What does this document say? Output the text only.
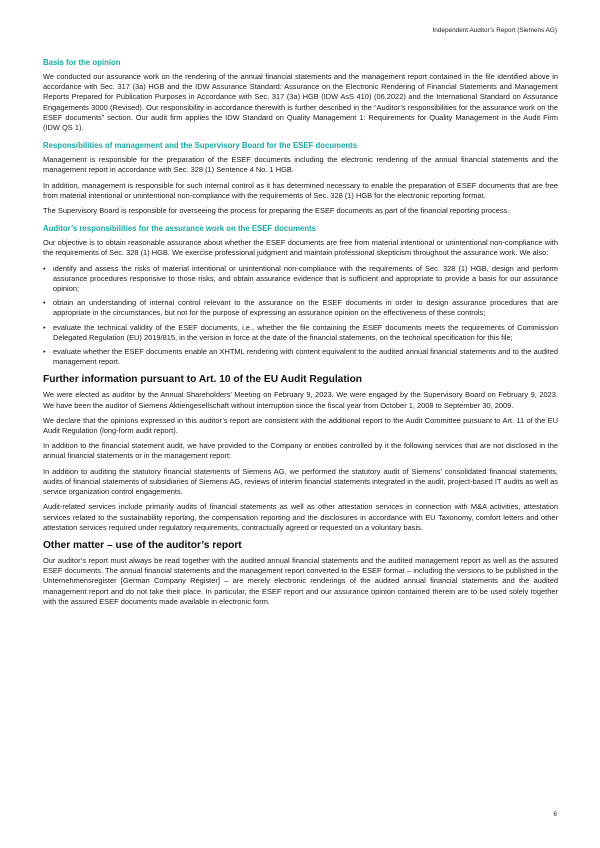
Independent Auditor’s Report (Siemens AG)
Basis for the opinion

We conducted our assurance work on the rendering of the annual financial statements and the management report contained in the file identified above in accordance with Sec. 317 (3a) HGB and the IDW Assurance Standard: Assurance on the Electronic Rendering of Financial Statements and Management Reports Prepared for Publication Purposes in Accordance with Sec. 317 (3a) HGB (IDW AsS 410) (06.2022) and the International Standard on Assurance Engagements 3000 (Revised). Our responsibility in accordance therewith is further described in the “Auditor’s responsibilities for the assurance work on the ESEF documents” section. Our audit firm applies the IDW Standard on Quality Management 1: Requirements for Quality Management in the Audit Firm (IDW QS 1).

Responsibilities of management and the Supervisory Board for the ESEF documents

Management is responsible for the preparation of the ESEF documents including the electronic rendering of the annual financial statements and the management report in accordance with Sec. 328 (1) Sentence 4 No. 1 HGB.

In addition, management is responsible for such internal control as it has determined necessary to enable the preparation of ESEF documents that are free from material intentional or unintentional non-compliance with the requirements of Sec. 328 (1) HGB for the electronic reporting format.

The Supervisory Board is responsible for overseeing the process for preparing the ESEF documents as part of the financial reporting process.

Auditor’s responsibilities for the assurance work on the ESEF documents

Our objective is to obtain reasonable assurance about whether the ESEF documents are free from material intentional or unintentional non-compliance with the requirements of Sec. 328 (1) HGB. We exercise professional judgment and maintain professional skepticism throughout the assurance work. We also:

• identify and assess the risks of material intentional or unintentional non-compliance with the requirements of Sec. 328 (1) HGB, design and perform assurance procedures responsive to those risks, and obtain assurance evidence that is sufficient and appropriate to provide a basis for our assurance opinion;
• obtain an understanding of internal control relevant to the assurance on the ESEF documents in order to design assurance procedures that are appropriate in the circumstances, but not for the purpose of expressing an assurance opinion on the effectiveness of these controls;
• evaluate the technical validity of the ESEF documents, i.e., whether the file containing the ESEF documents meets the requirements of Commission Delegated Regulation (EU) 2019/815, in the version in force at the date of the financial statements, on the technical specification for this file;
• evaluate whether the ESEF documents enable an XHTML rendering with content equivalent to the audited annual financial statements and to the audited management report.
Further information pursuant to Art. 10 of the EU Audit Regulation

We were elected as auditor by the Annual Shareholders’ Meeting on February 9, 2023. We were engaged by the Supervisory Board on February 9, 2023. We have been the auditor of Siemens Aktiengesellschaft without interruption since the fiscal year from October 1, 2008 to September 30, 2009.

We declare that the opinions expressed in this auditor’s report are consistent with the additional report to the Audit Committee pursuant to Art. 11 of the EU Audit Regulation (long-form audit report).

In addition to the financial statement audit, we have provided to the Company or entities controlled by it the following services that are not disclosed in the annual financial statements or in the management report:

In addition to auditing the statutory financial statements of Siemens AG, we performed the statutory audit of Siemens’ consolidated financial statements, audits of financial statements of subsidiaries of Siemens AG, reviews of interim financial statements integrated in the audit, project-based IT audits as well as service organization control engagements.

Audit-related services include primarily audits of financial statements as well as other attestation services in connection with M&A activities, attestation services related to the sustainability reporting, the compensation reporting and the disclosures in accordance with EU Taxonomy, comfort letters and other attestation services required under regulatory requirements, contractually agreed or requested on a voluntary basis.

Other matter – use of the auditor’s report

Our auditor’s report must always be read together with the audited annual financial statements and the audited management report as well as the assured ESEF documents. The annual financial statements and the management report converted to the ESEF format – including the versions to be published in the Unternehmensregister [German Company Register] – are merely electronic renderings of the audited annual financial statements and the audited management report and do not take their place. In particular, the ESEF report and our assurance opinion contained therein are to be used solely together with the assured ESEF documents made available in electronic form.

6
